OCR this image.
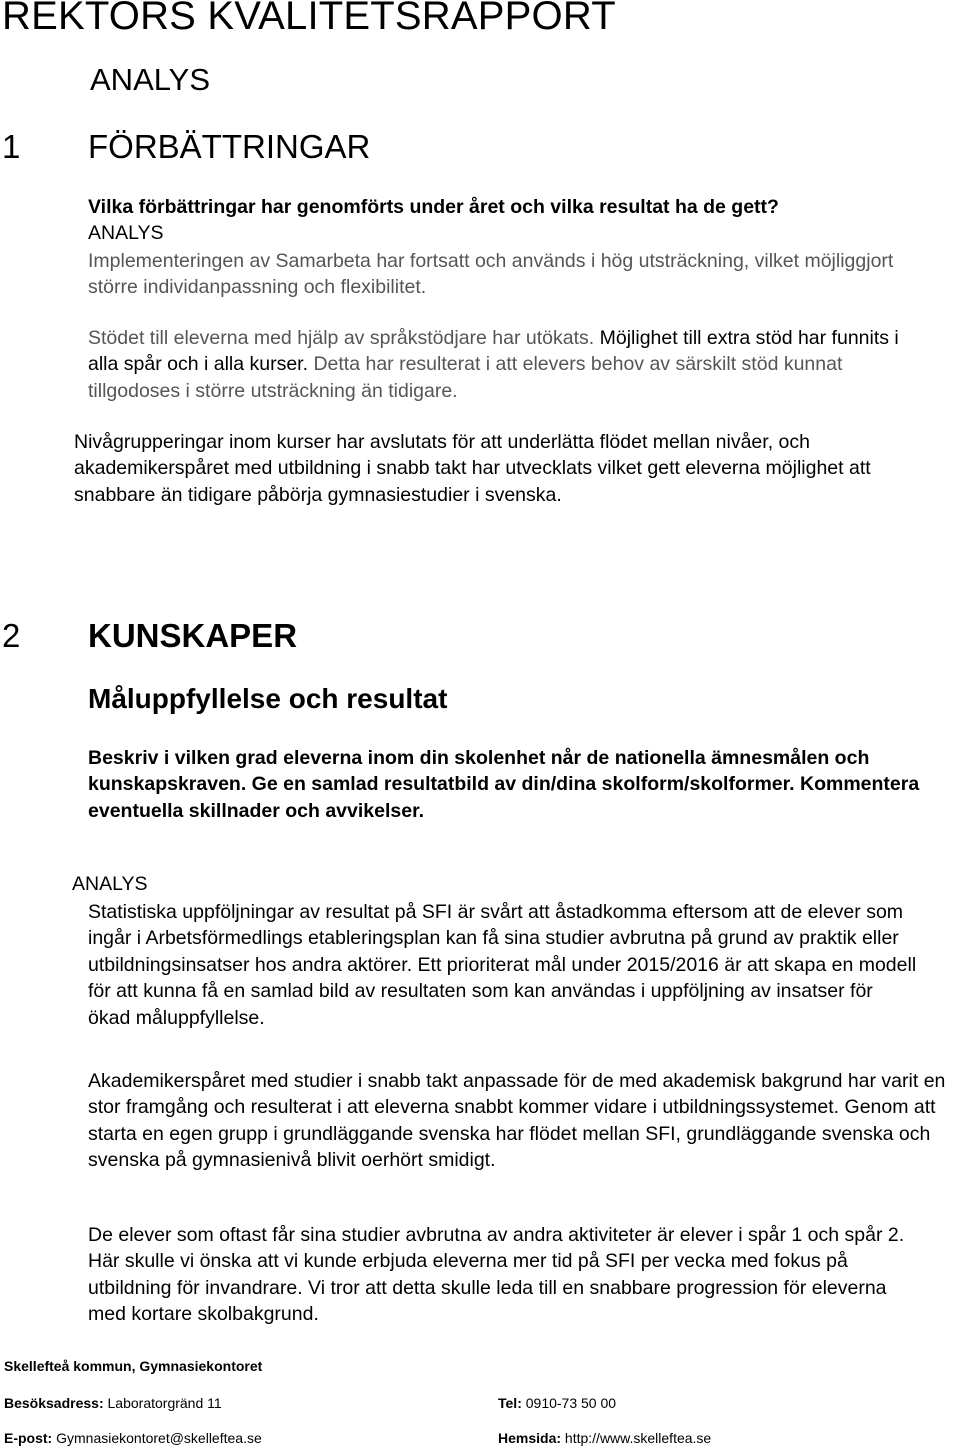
REKTORS KVALITETSRAPPORT
ANALYS
1 FÖRBÄTTRINGAR
Vilka förbättringar har genomförts under året och vilka resultat ha de gett?
ANALYS
Implementeringen av Samarbeta har fortsatt och används i hög utsträckning, vilket möjliggjort större individanpassning och flexibilitet.
Stödet till eleverna med hjälp av språkstödjare har utökats. Möjlighet till extra stöd har funnits i alla spår och i alla kurser. Detta har resulterat i att elevers behov av särskilt stöd kunnat tillgodoses i större utsträckning än tidigare.
Nivågrupperingar inom kurser har avslutats för att underlätta flödet mellan nivåer, och akademikerspåret med utbildning i snabb takt har utvecklats vilket gett eleverna möjlighet att snabbare än tidigare påbörja gymnasiestudier i svenska.
2 KUNSKAPER
Måluppfyllelse och resultat
Beskriv i vilken grad eleverna inom din skolenhet når de nationella ämnesmålen och kunskapskraven. Ge en samlad resultatbild av din/dina skolform/skolformer. Kommentera eventuella skillnader och avvikelser.
ANALYS
Statistiska uppföljningar av resultat på SFI är svårt att åstadkomma eftersom att de elever som ingår i Arbetsförmedlings etableringsplan kan få sina studier avbrutna på grund av praktik eller utbildningsinsatser hos andra aktörer. Ett prioriterat mål under 2015/2016 är att skapa en modell för att kunna få en samlad bild av resultaten som kan användas i uppföljning av insatser för ökad måluppfyllelse.
Akademikerspåret med studier i snabb takt anpassade för de med akademisk bakgrund har varit en stor framgång och resulterat i att eleverna snabbt kommer vidare i utbildningssystemet. Genom att starta en egen grupp i grundläggande svenska har flödet mellan SFI, grundläggande svenska och svenska på gymnasienivå blivit oerhört smidigt.
De elever som oftast får sina studier avbrutna av andra aktiviteter är elever i spår 1 och spår 2. Här skulle vi önska att vi kunde erbjuda eleverna mer tid på SFI per vecka med fokus på utbildning för invandrare. Vi tror att detta skulle leda till en snabbare progression för eleverna med kortare skolbakgrund.
Skellefteå kommun, Gymnasiekontoret
Besöksadress: Laboratorgränd 11	Tel: 0910-73 50 00
E-post: Gymnasiekontoret@skelleftea.se	Hemsida: http://www.skelleftea.se
